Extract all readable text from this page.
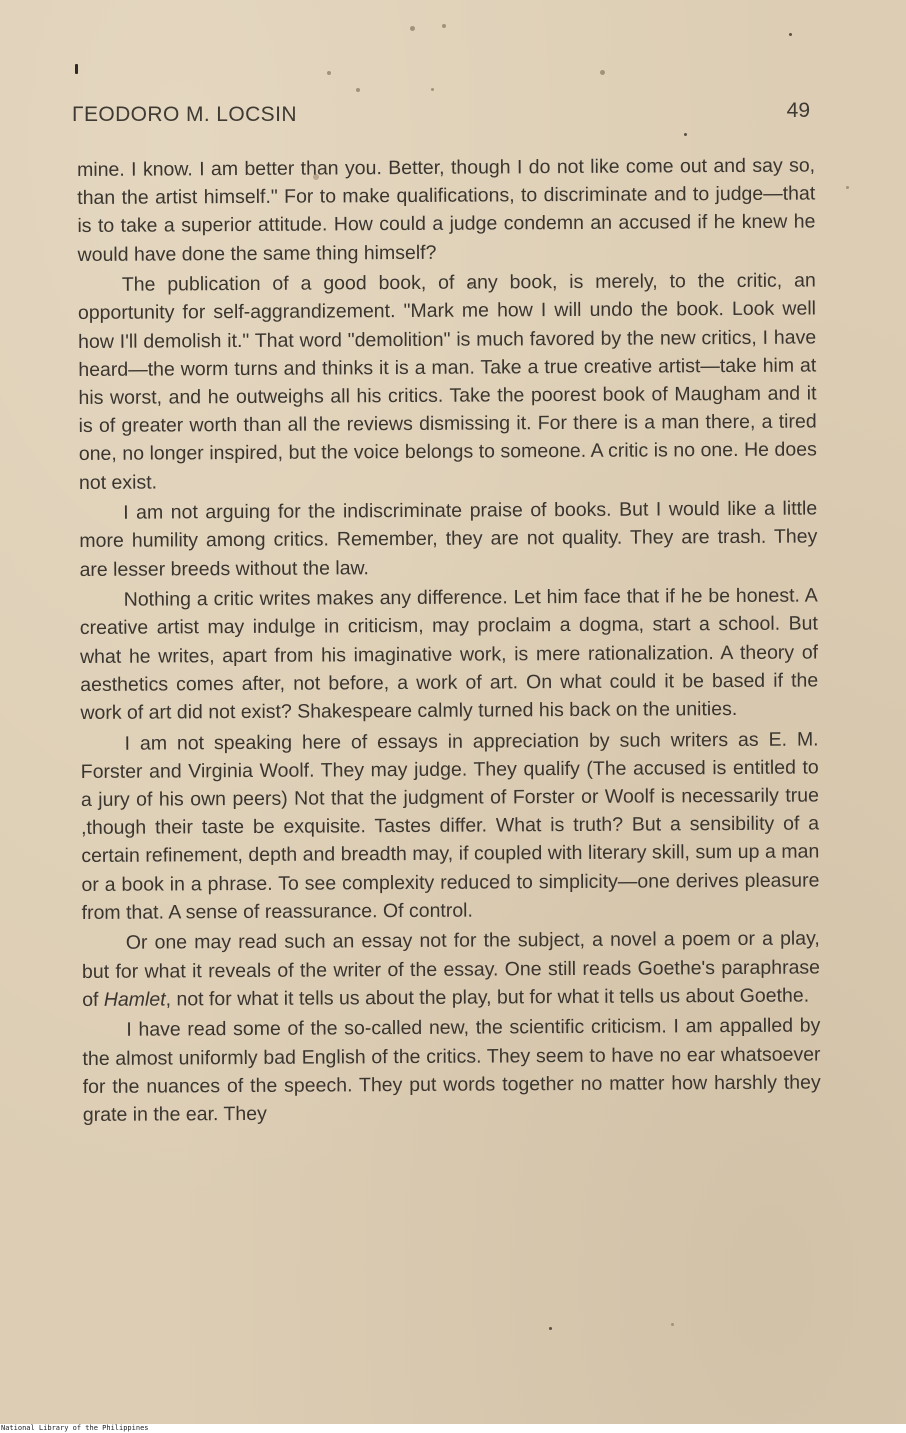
ΓEODORO M. LOCSIN	49

mine. I know. I am better than you. Better, though I do not like come out and say so, than the artist himself." For to make qualifications, to discriminate and to judge—that is to take a superior attitude. How could a judge condemn an accused if he knew he would have done the same thing himself?

The publication of a good book, of any book, is merely, to the critic, an opportunity for self-aggrandizement. "Mark me how I will undo the book. Look well how I'll demolish it." That word "demolition" is much favored by the new critics, I have heard—the worm turns and thinks it is a man. Take a true creative artist—take him at his worst, and he outweighs all his critics. Take the poorest book of Maugham and it is of greater worth than all the reviews dismissing it. For there is a man there, a tired one, no longer inspired, but the voice belongs to someone. A critic is no one. He does not exist.

I am not arguing for the indiscriminate praise of books. But I would like a little more humility among critics. Remember, they are not quality. They are trash. They are lesser breeds without the law.

Nothing a critic writes makes any difference. Let him face that if he be honest. A creative artist may indulge in criticism, may proclaim a dogma, start a school. But what he writes, apart from his imaginative work, is mere rationalization. A theory of aesthetics comes after, not before, a work of art. On what could it be based if the work of art did not exist? Shakespeare calmly turned his back on the unities.

I am not speaking here of essays in appreciation by such writers as E. M. Forster and Virginia Woolf. They may judge. They qualify (The accused is entitled to a jury of his own peers) Not that the judgment of Forster or Woolf is necessarily true ,though their taste be exquisite. Tastes differ. What is truth? But a sensibility of a certain refinement, depth and breadth may, if coupled with literary skill, sum up a man or a book in a phrase. To see complexity reduced to simplicity—one derives pleasure from that. A sense of reassurance. Of control.

Or one may read such an essay not for the subject, a novel a poem or a play, but for what it reveals of the writer of the essay. One still reads Goethe's paraphrase of Hamlet, not for what it tells us about the play, but for what it tells us about Goethe.

I have read some of the so-called new, the scientific criticism. I am appalled by the almost uniformly bad English of the critics. They seem to have no ear whatsoever for the nuances of the speech. They put words together no matter how harshly they grate in the ear. They

National Library of the Philippines
